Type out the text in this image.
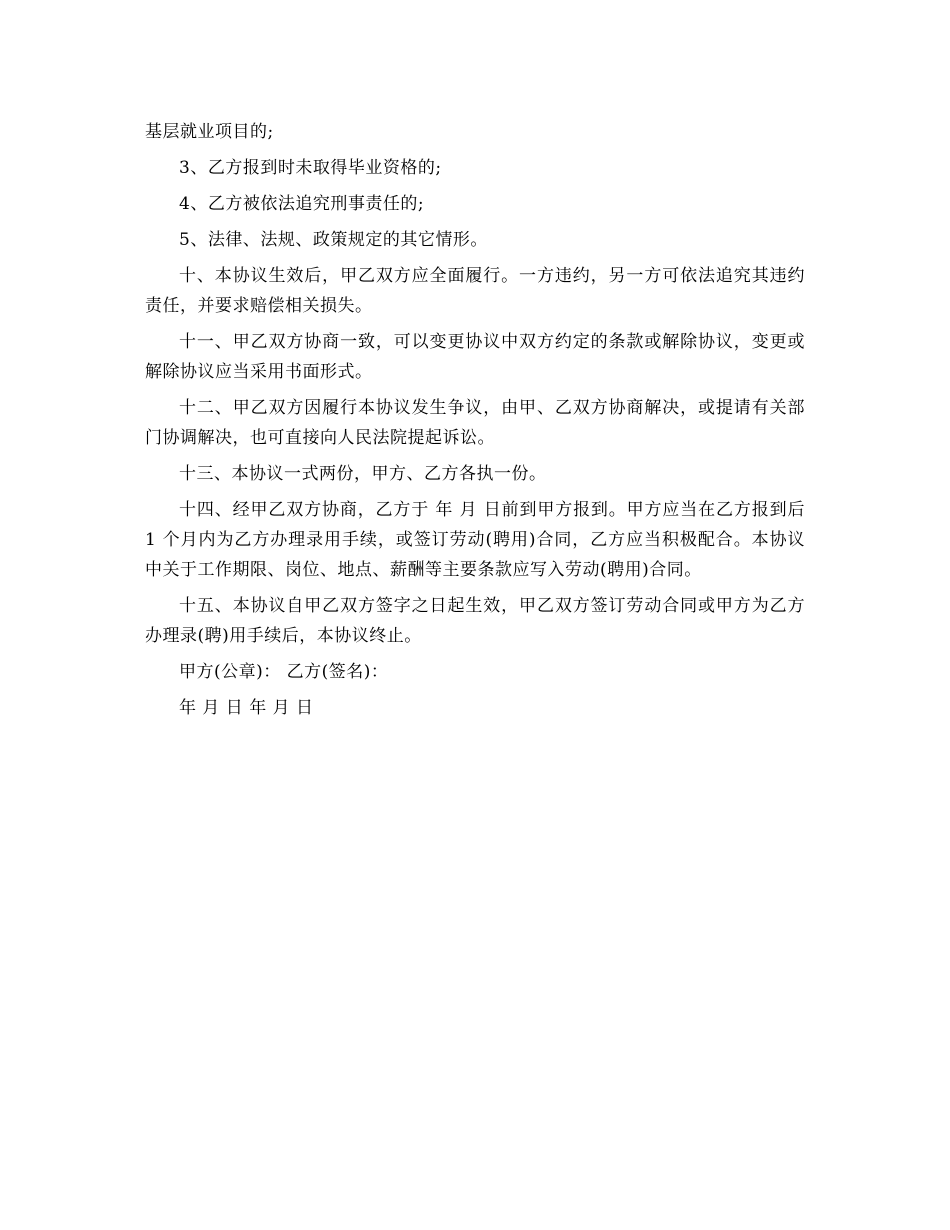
基层就业项目的;

3、乙方报到时未取得毕业资格的;

4、乙方被依法追究刑事责任的;

5、法律、法规、政策规定的其它情形。

十、本协议生效后，甲乙双方应全面履行。一方违约，另一方可依法追究其违约责任，并要求赔偿相关损失。

十一、甲乙双方协商一致，可以变更协议中双方约定的条款或解除协议，变更或解除协议应当采用书面形式。

十二、甲乙双方因履行本协议发生争议，由甲、乙双方协商解决，或提请有关部门协调解决，也可直接向人民法院提起诉讼。

十三、本协议一式两份，甲方、乙方各执一份。

十四、经甲乙双方协商，乙方于 年 月 日前到甲方报到。甲方应当在乙方报到后 1 个月内为乙方办理录用手续，或签订劳动(聘用)合同，乙方应当积极配合。本协议中关于工作期限、岗位、地点、薪酬等主要条款应写入劳动(聘用)合同。

十五、本协议自甲乙双方签字之日起生效，甲乙双方签订劳动合同或甲方为乙方办理录(聘)用手续后，本协议终止。

甲方(公章)： 乙方(签名)：

年 月 日 年 月 日
